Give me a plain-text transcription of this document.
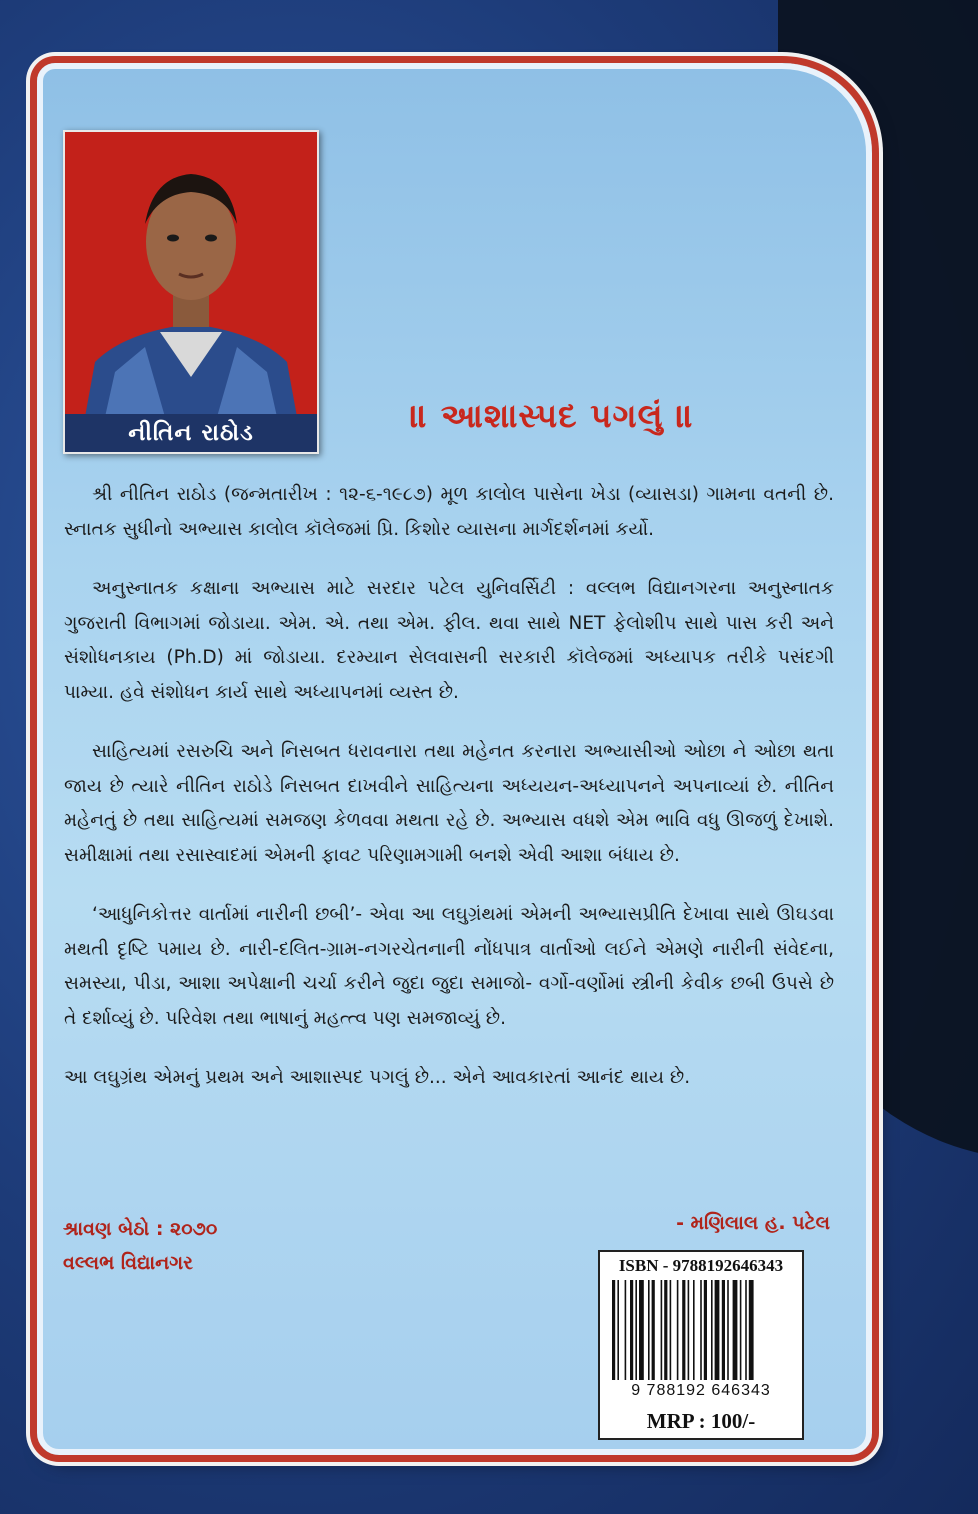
નીતિન રાઠોડ	॥ આશાસ્પદ પગલું ॥

શ્રી નીતિન રાઠોડ (જન્મતારીખ : ૧૨-૬-૧૯૮૭) મૂળ કાલોલ પાસેના ખેડા (વ્યાસડા) ગામના વતની છે. સ્નાતક સુધીનો અભ્યાસ કાલોલ કૉલેજમાં પ્રિ. કિશોર વ્યાસના માર્ગદર્શનમાં કર્યો.

અનુસ્નાતક કક્ષાના અભ્યાસ માટે સરદાર પટેલ યુનિવર્સિટી : વલ્લભ વિદ્યાનગરના અનુસ્નાતક ગુજરાતી વિભાગમાં જોડાયા. એમ. એ. તથા એમ. ફીલ. થવા સાથે NET ફેલોશીપ સાથે પાસ કરી અને સંશોધનકાય (Ph.D) માં જોડાયા. દરમ્યાન સેલવાસની સરકારી કૉલેજમાં અધ્યાપક તરીકે પસંદગી પામ્યા. હવે સંશોધન કાર્ય સાથે અધ્યાપનમાં વ્યસ્ત છે.

સાહિત્યમાં રસરુચિ અને નિસબત ધરાવનારા તથા મહેનત કરનારા અભ્યાસીઓ ઓછા ને ઓછા થતા જાય છે ત્યારે નીતિન રાઠોડે નિસબત દાખવીને સાહિત્યના અધ્યયન-અધ્યાપનને અપનાવ્યાં છે. નીતિન મહેનતું છે તથા સાહિત્યમાં સમજણ કેળવવા મથતા રહે છે. અભ્યાસ વધશે એમ ભાવિ વધુ ઊજળું દેખાશે. સમીક્ષામાં તથા રસાસ્વાદમાં એમની ફાવટ પરિણામગામી બનશે એવી આશા બંધાય છે.

‘આધુનિકોત્તર વાર્તામાં નારીની છબી’- એવા આ લઘુગ્રંથમાં એમની અભ્યાસપ્રીતિ દેખાવા સાથે ઊઘડવા મથતી દૃષ્ટિ પમાય છે. નારી-દલિત-ગ્રામ-નગરચેતનાની નોંધપાત્ર વાર્તાઓ લઈને એમણે નારીની સંવેદના, સમસ્યા, પીડા, આશા અપેક્ષાની ચર્ચા કરીને જુદા જુદા સમાજો- વર્ગો-વર્ણોમાં સ્ત્રીની કેવીક છબી ઉપસે છે તે દર્શાવ્યું છે. પરિવેશ તથા ભાષાનું મહત્ત્વ પણ સમજાવ્યું છે.

આ લઘુગ્રંથ એમનું પ્રથમ અને આશાસ્પદ પગલું છે... એને આવકારતાં આનંદ થાય છે.

શ્રાવણ બેઠો : ૨૦૭૦
વલ્લભ વિદ્યાનગર
- મણિલાલ હ. પટેલ
ISBN - 9788192646343
9 788192 646343
MRP : 100/-
